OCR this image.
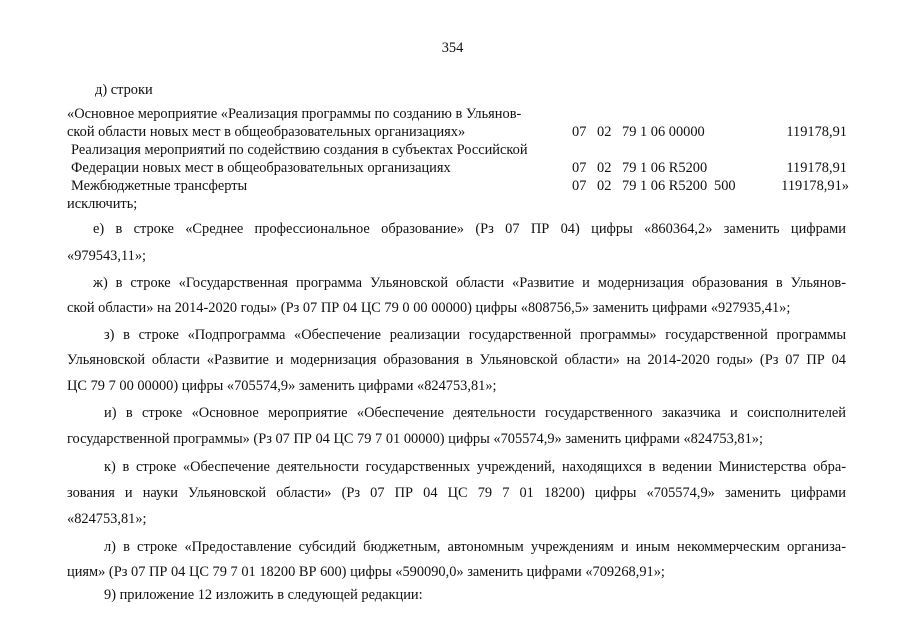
354
д) строки
«Основное мероприятие «Реализация программы по созданию в Ульянов-
ской области новых мест в общеобразовательных организациях»	07 02 79 1 06 00000	119178,91
Реализация мероприятий по содействию создания в субъектах Российской
Федерации новых мест в общеобразовательных организациях	07 02 79 1 06 R5200	119178,91
Межбюджетные трансферты	07 02 79 1 06 R5200 500	119178,91»
исключить;
е) в строке «Среднее профессиональное образование» (Рз 07 ПР 04) цифры «860364,2» заменить цифрами
«979543,11»;
ж) в строке «Государственная программа Ульяновской области «Развитие и модернизация образования в Ульянов-
ской области» на 2014-2020 годы» (Рз 07 ПР 04 ЦС 79 0 00 00000) цифры «808756,5» заменить цифрами «927935,41»;
з) в строке «Подпрограмма «Обеспечение реализации государственной программы» государственной программы
Ульяновской области «Развитие и модернизация образования в Ульяновской области» на 2014-2020 годы» (Рз 07 ПР 04
ЦС 79 7 00 00000) цифры «705574,9» заменить цифрами «824753,81»;
и) в строке «Основное мероприятие «Обеспечение деятельности государственного заказчика и соисполнителей
государственной программы» (Рз 07 ПР 04 ЦС 79 7 01 00000) цифры «705574,9» заменить цифрами «824753,81»;
к) в строке «Обеспечение деятельности государственных учреждений, находящихся в ведении Министерства обра-
зования и науки Ульяновской области» (Рз 07 ПР 04 ЦС 79 7 01 18200) цифры «705574,9» заменить цифрами
«824753,81»;
л) в строке «Предоставление субсидий бюджетным, автономным учреждениям и иным некоммерческим организа-
циям» (Рз 07 ПР 04 ЦС 79 7 01 18200 ВР 600) цифры «590090,0» заменить цифрами «709268,91»;
9) приложение 12 изложить в следующей редакции:
